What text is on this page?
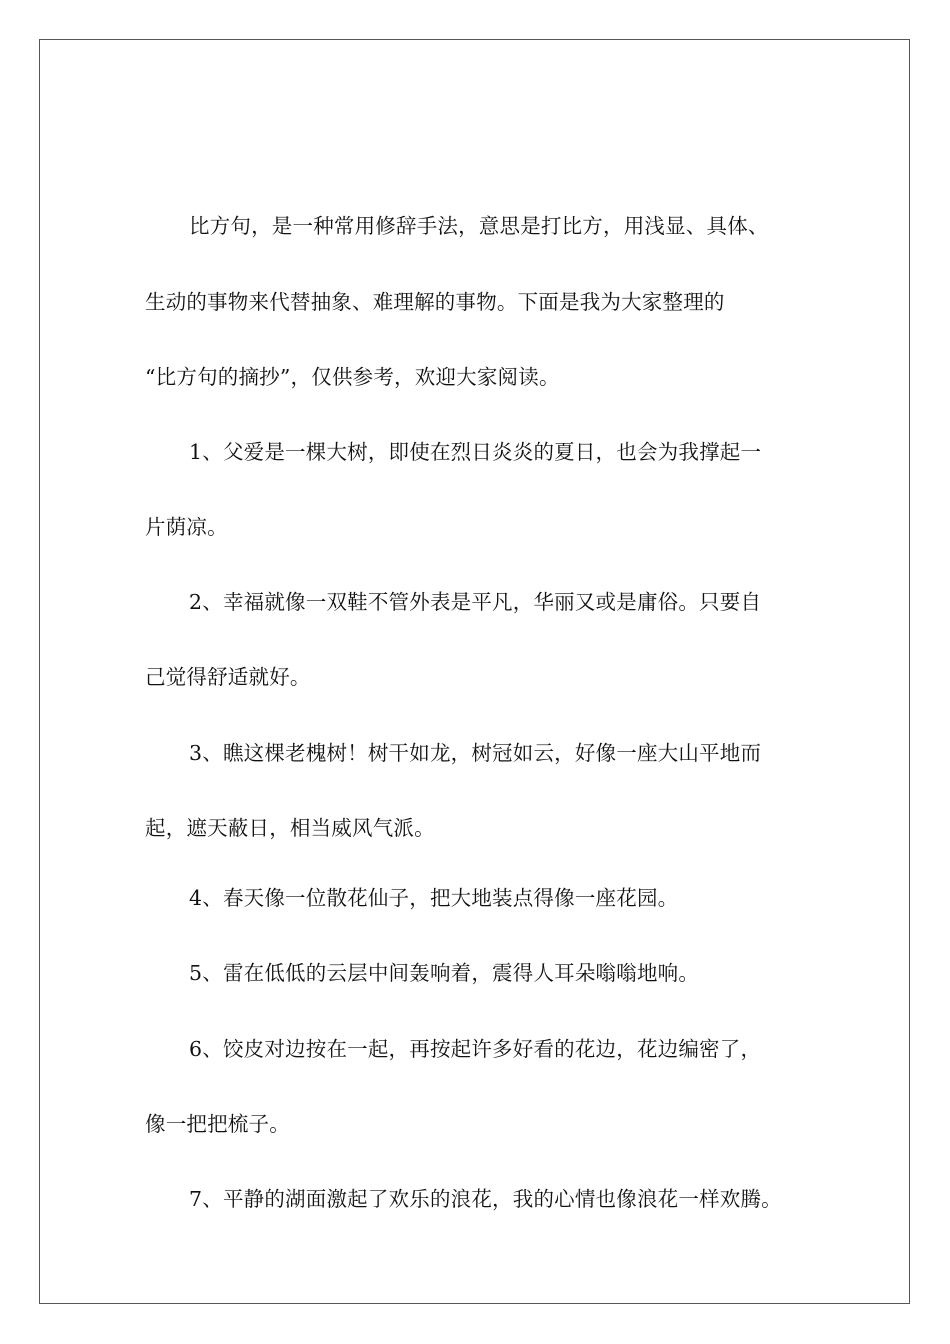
比方句，是一种常用修辞手法，意思是打比方，用浅显、具体、
生动的事物来代替抽象、难理解的事物。下面是我为大家整理的
“比方句的摘抄”，仅供参考，欢迎大家阅读。
1、父爱是一棵大树，即使在烈日炎炎的夏日，也会为我撑起一
片荫凉。
2、幸福就像一双鞋不管外表是平凡，华丽又或是庸俗。只要自
己觉得舒适就好。
3、瞧这棵老槐树！树干如龙，树冠如云，好像一座大山平地而
起，遮天蔽日，相当威风气派。
4、春天像一位散花仙子，把大地装点得像一座花园。
5、雷在低低的云层中间轰响着，震得人耳朵嗡嗡地响。
6、饺皮对边按在一起，再按起许多好看的花边，花边编密了，
像一把把梳子。
7、平静的湖面激起了欢乐的浪花，我的心情也像浪花一样欢腾。
